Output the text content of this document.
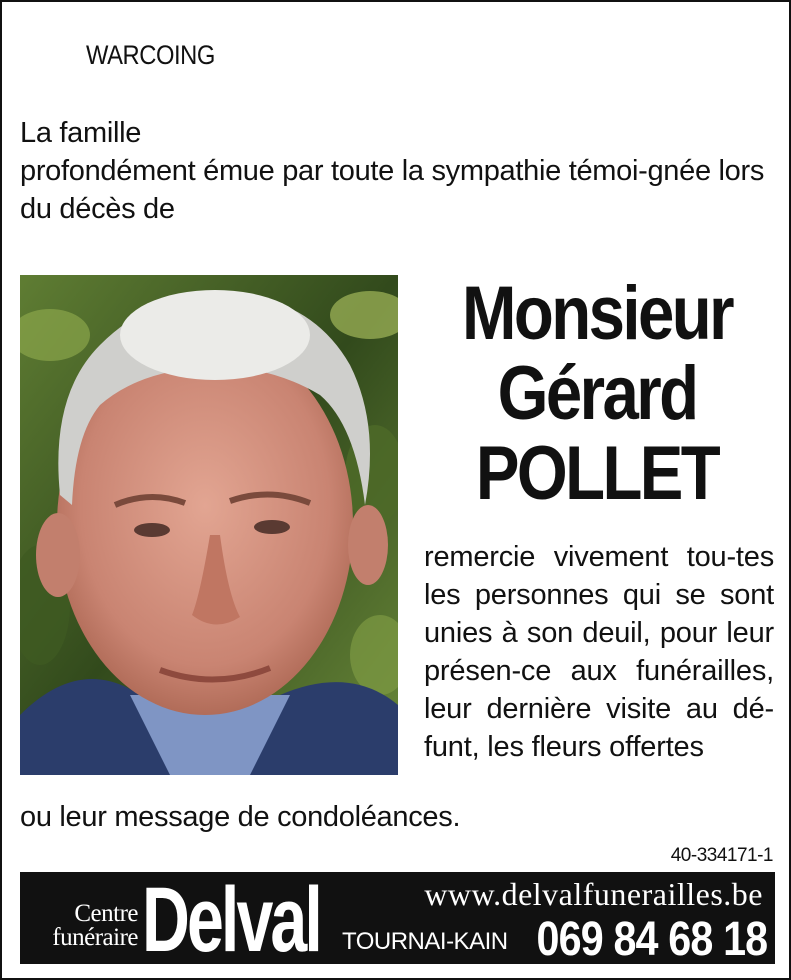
WARCOING

La famille

profondément émue par toute la sympathie témoi-gnée lors du décès de

Monsieur
Gérard
POLLET
remercie vivement tou-tes les personnes qui se sont unies à son deuil, pour leur présen-ce aux funérailles, leur dernière visite au dé-funt, les fleurs offertes
ou leur message de condoléances.
40-334171-1
Centre funéraire Delval	www.delvalfunerailles.be
TOURNAI-KAIN 069 84 68 18
